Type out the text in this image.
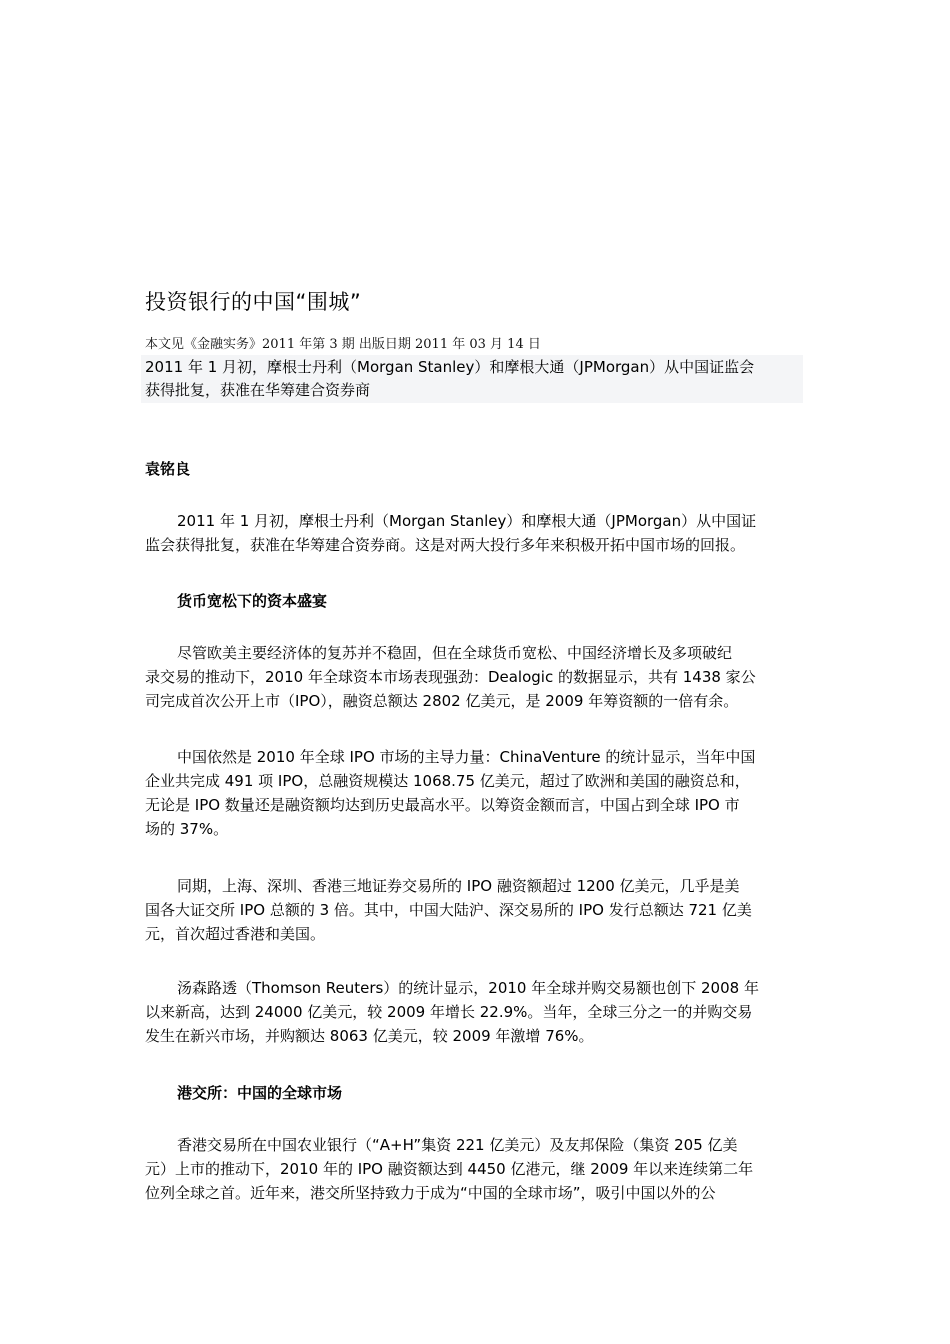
投资银行的中国“围城”
本文见《金融实务》2011 年第 3 期 出版日期 2011 年 03 月 14 日

2011 年 1 月初，摩根士丹利（Morgan Stanley）和摩根大通（JPMorgan）从中国证监会

获得批复，获准在华筹建合资券商

袁铭良
2011 年 1 月初，摩根士丹利（Morgan Stanley）和摩根大通（JPMorgan）从中国证
监会获得批复，获准在华筹建合资券商。这是对两大投行多年来积极开拓中国市场的回报。
货币宽松下的资本盛宴
尽管欧美主要经济体的复苏并不稳固，但在全球货币宽松、中国经济增长及多项破纪
录交易的推动下，2010 年全球资本市场表现强劲：Dealogic 的数据显示，共有 1438 家公
司完成首次公开上市（IPO），融资总额达 2802 亿美元，是 2009 年筹资额的一倍有余。
中国依然是 2010 年全球 IPO 市场的主导力量：ChinaVenture 的统计显示，当年中国
企业共完成 491 项 IPO，总融资规模达 1068.75 亿美元，超过了欧洲和美国的融资总和，
无论是 IPO 数量还是融资额均达到历史最高水平。以筹资金额而言，中国占到全球 IPO 市
场的 37%。
同期，上海、深圳、香港三地证券交易所的 IPO 融资额超过 1200 亿美元，几乎是美
国各大证交所 IPO 总额的 3 倍。其中，中国大陆沪、深交易所的 IPO 发行总额达 721 亿美
元，首次超过香港和美国。
汤森路透（Thomson Reuters）的统计显示，2010 年全球并购交易额也创下 2008 年
以来新高，达到 24000 亿美元，较 2009 年增长 22.9%。当年，全球三分之一的并购交易
发生在新兴市场，并购额达 8063 亿美元，较 2009 年激增 76%。
港交所：中国的全球市场
香港交易所在中国农业银行（“A+H”集资 221 亿美元）及友邦保险（集资 205 亿美
元）上市的推动下，2010 年的 IPO 融资额达到 4450 亿港元，继 2009 年以来连续第二年
位列全球之首。近年来，港交所坚持致力于成为“中国的全球市场”，吸引中国以外的公
